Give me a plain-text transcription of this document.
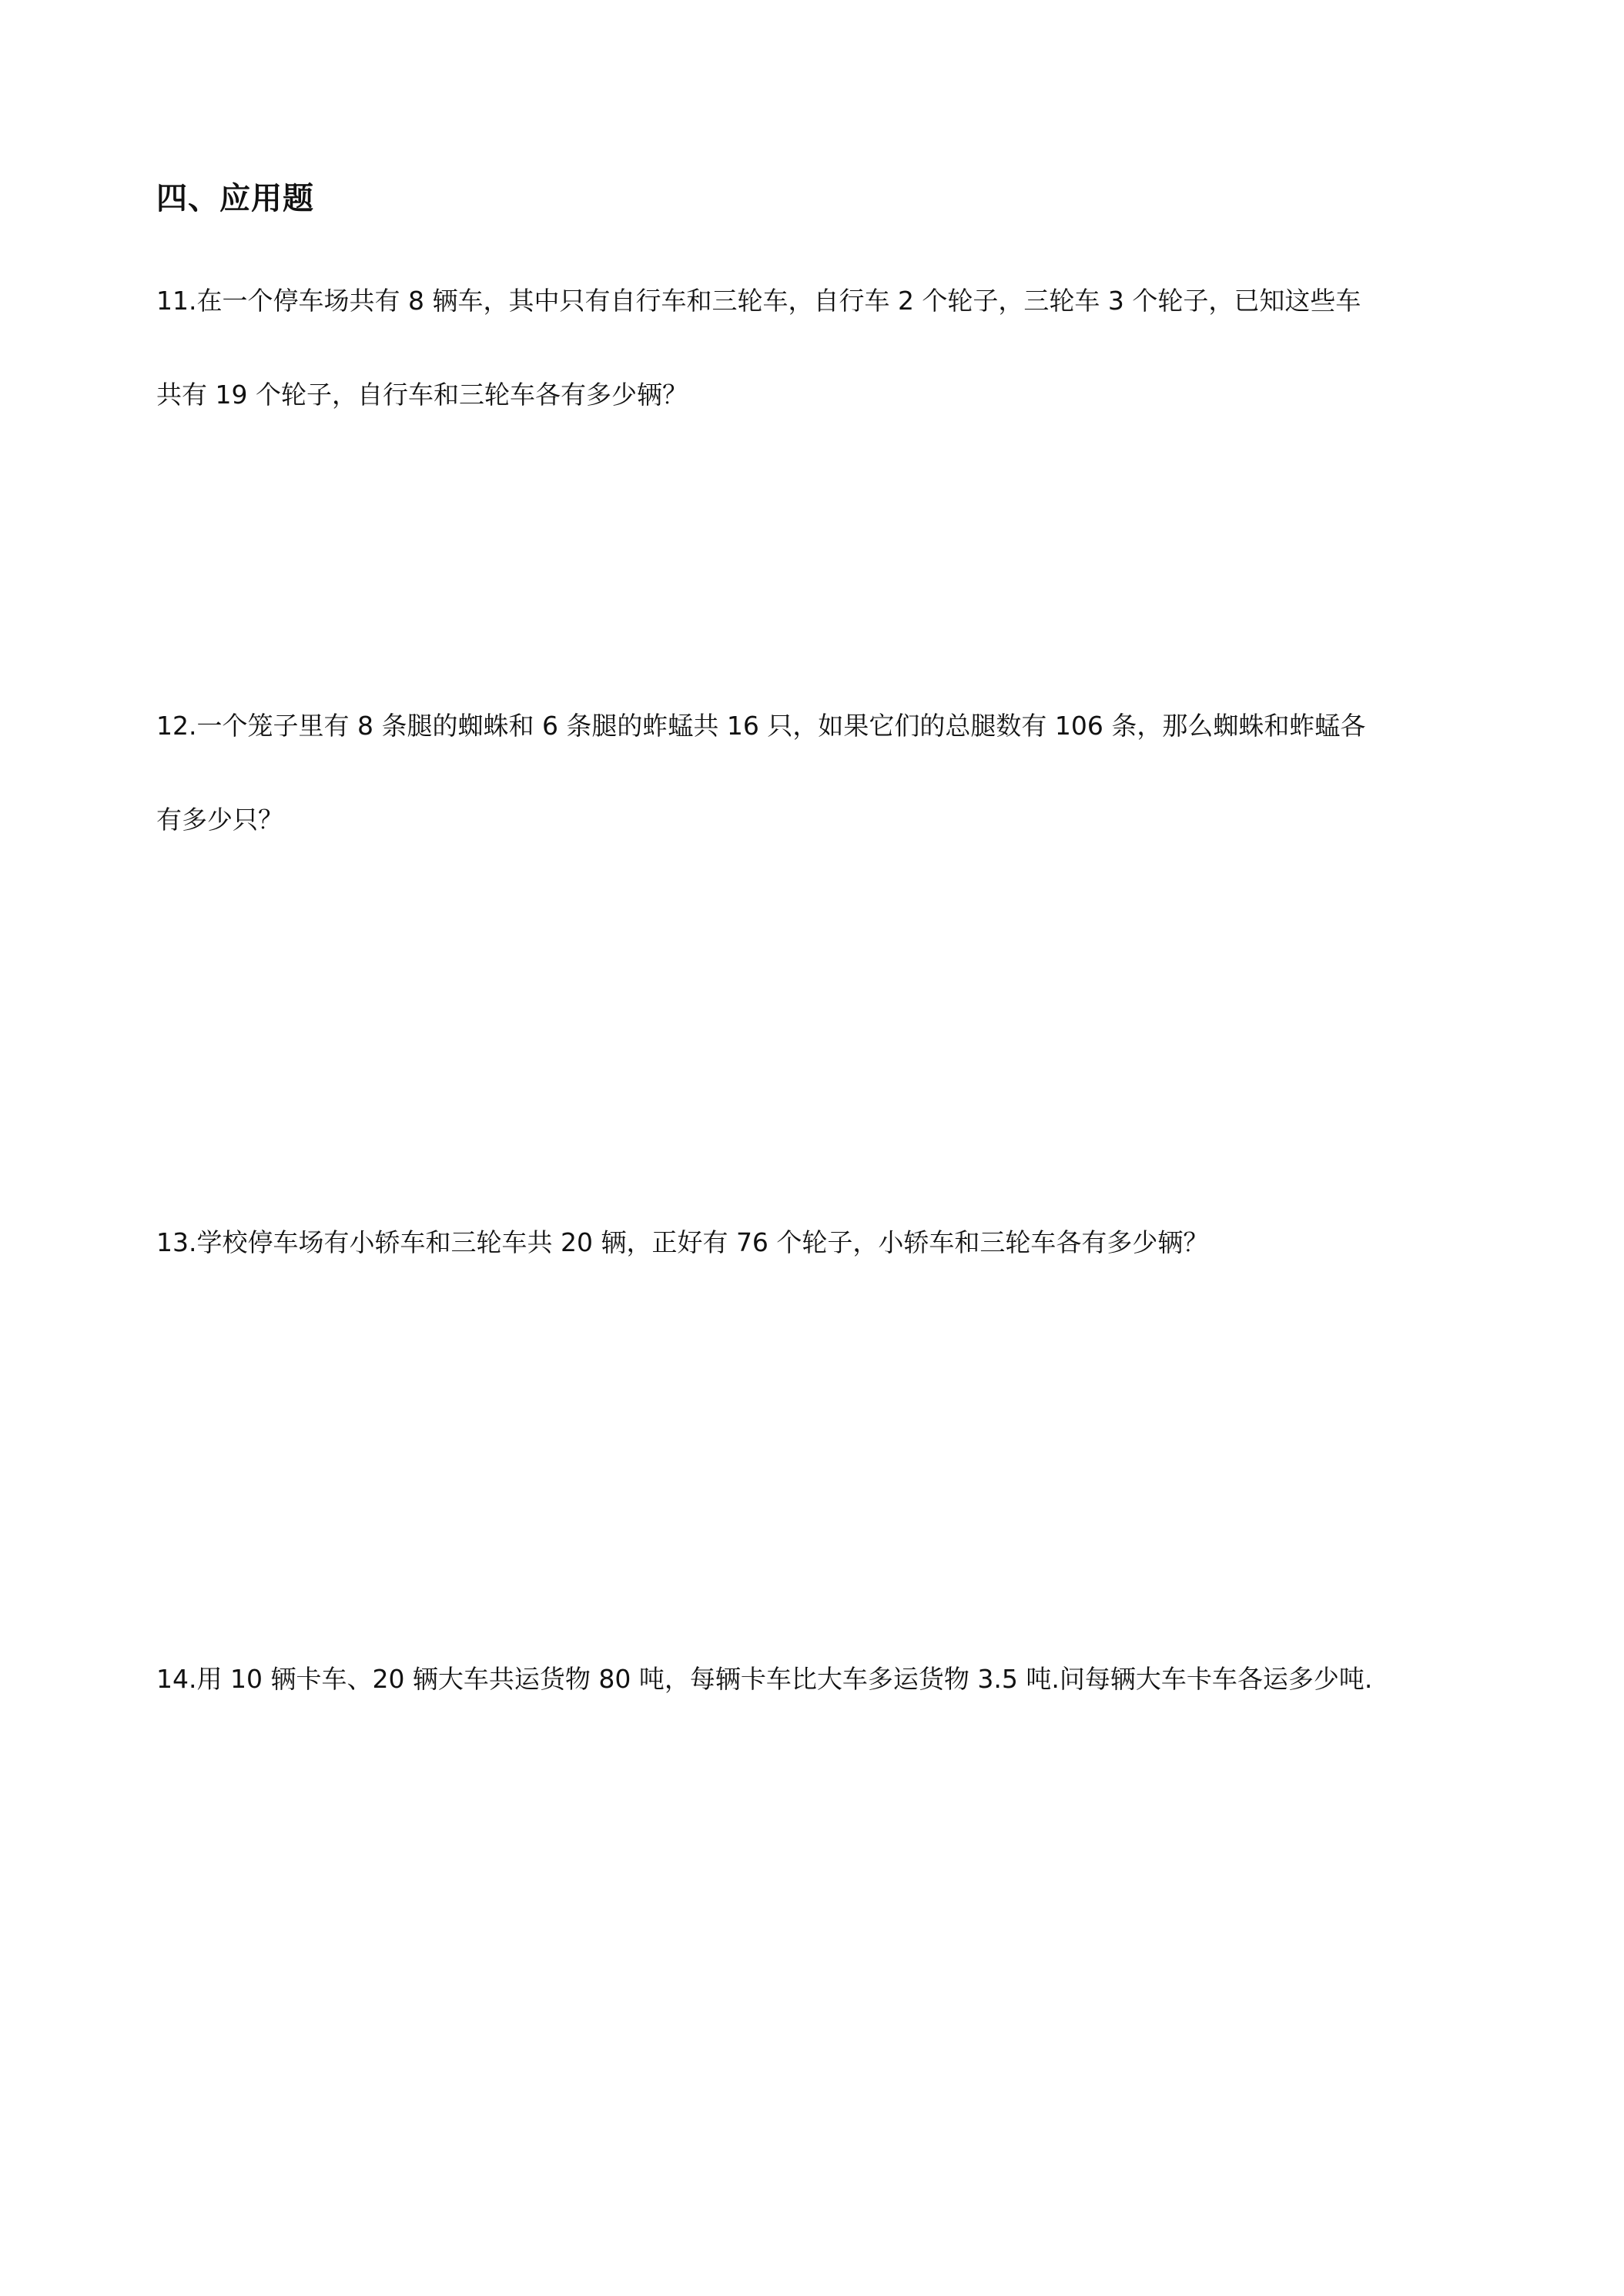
四、应用题
11.在一个停车场共有 8 辆车，其中只有自行车和三轮车，自行车 2 个轮子，三轮车 3 个轮子，已知这些车
共有 19 个轮子，自行车和三轮车各有多少辆？
12.一个笼子里有 8 条腿的蜘蛛和 6 条腿的蚱蜢共 16 只，如果它们的总腿数有 106 条，那么蜘蛛和蚱蜢各
有多少只？
13.学校停车场有小轿车和三轮车共 20 辆，正好有 76 个轮子，小轿车和三轮车各有多少辆？
14.用 10 辆卡车、20 辆大车共运货物 80 吨，每辆卡车比大车多运货物 3.5 吨.问每辆大车卡车各运多少吨.
